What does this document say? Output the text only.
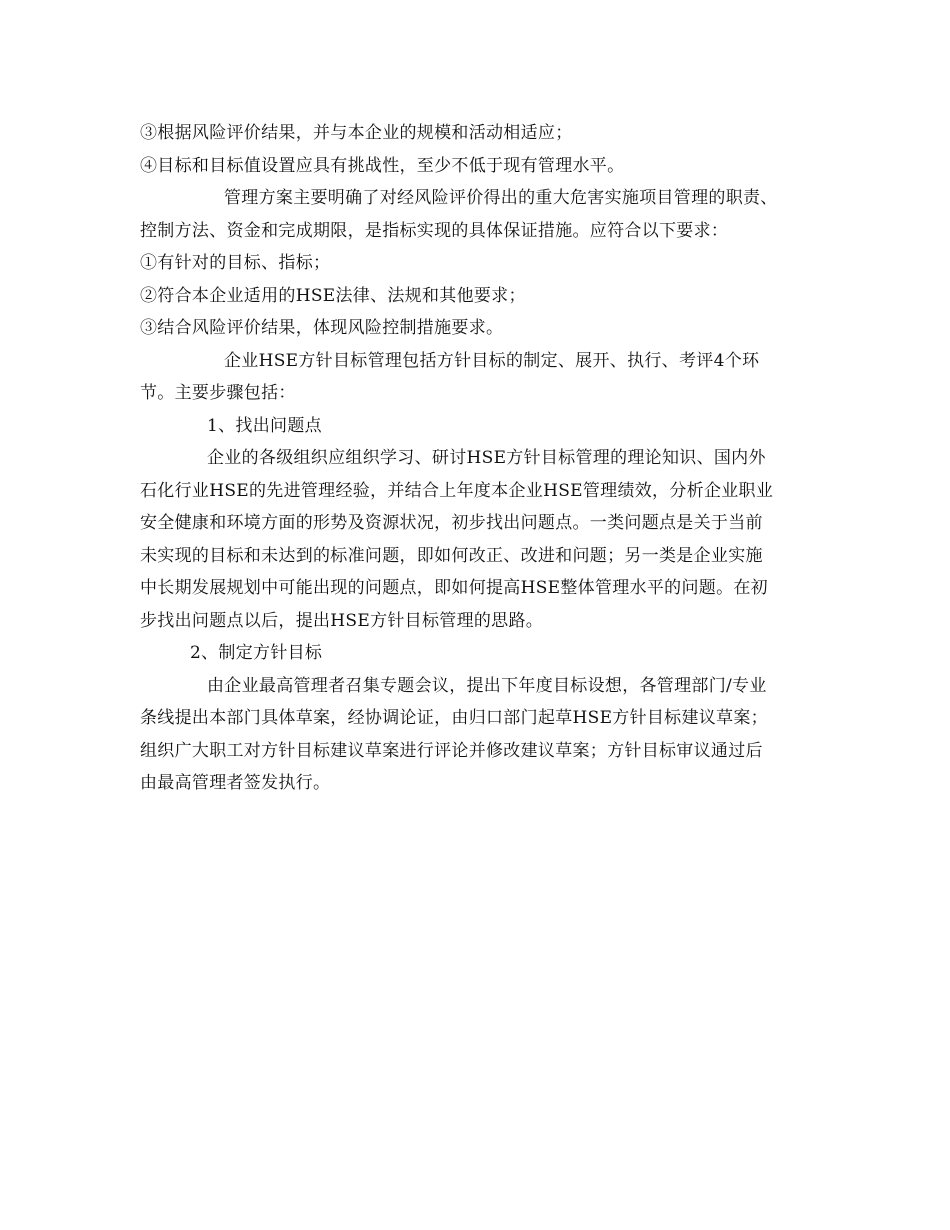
③根据风险评价结果，并与本企业的规模和活动相适应；
④目标和目标值设置应具有挑战性，至少不低于现有管理水平。
管理方案主要明确了对经风险评价得出的重大危害实施项目管理的职责、
控制方法、资金和完成期限，是指标实现的具体保证措施。应符合以下要求：
①有针对的目标、指标；
②符合本企业适用的HSE法律、法规和其他要求；
③结合风险评价结果，体现风险控制措施要求。
企业HSE方针目标管理包括方针目标的制定、展开、执行、考评4个环
节。主要步骤包括：
1、找出问题点
企业的各级组织应组织学习、研讨HSE方针目标管理的理论知识、国内外
石化行业HSE的先进管理经验，并结合上年度本企业HSE管理绩效，分析企业职业
安全健康和环境方面的形势及资源状况，初步找出问题点。一类问题点是关于当前
未实现的目标和未达到的标准问题，即如何改正、改进和问题；另一类是企业实施
中长期发展规划中可能出现的问题点，即如何提高HSE整体管理水平的问题。在初
步找出问题点以后，提出HSE方针目标管理的思路。
2、制定方针目标
由企业最高管理者召集专题会议，提出下年度目标设想，各管理部门/专业
条线提出本部门具体草案，经协调论证，由归口部门起草HSE方针目标建议草案；
组织广大职工对方针目标建议草案进行评论并修改建议草案；方针目标审议通过后
由最高管理者签发执行。
